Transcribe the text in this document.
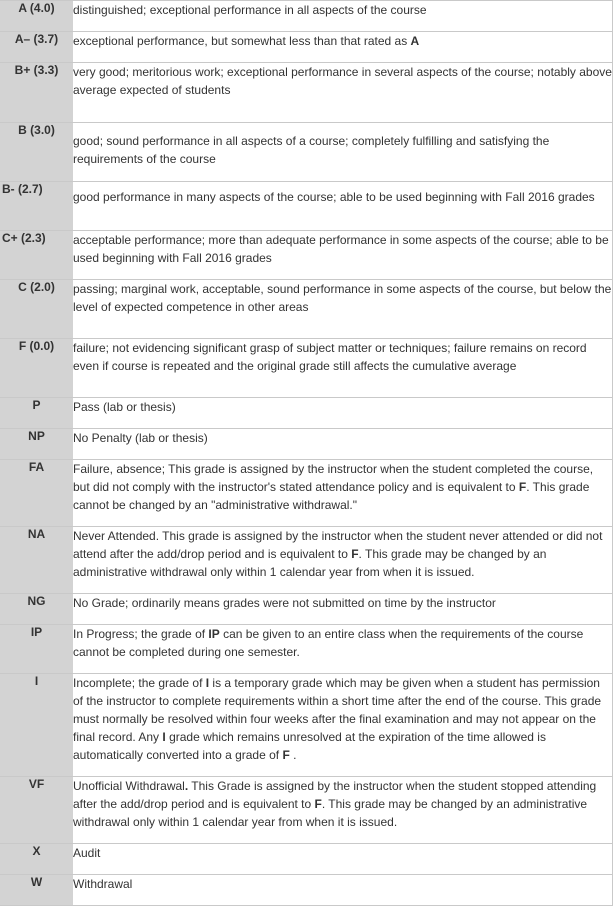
A (4.0)	distinguished; exceptional performance in all aspects of the course
A– (3.7)	exceptional performance, but somewhat less than that rated as A
B+ (3.3)	very good; meritorious work; exceptional performance in several aspects of the course; notably above average expected of students
B (3.0)	good; sound performance in all aspects of a course; completely fulfilling and satisfying the requirements of the course
B- (2.7)	good performance in many aspects of the course; able to be used beginning with Fall 2016 grades
C+ (2.3)	acceptable performance; more than adequate performance in some aspects of the course; able to be used beginning with Fall 2016 grades
C (2.0)	passing; marginal work, acceptable, sound performance in some aspects of the course, but below the level of expected competence in other areas
F (0.0)	failure; not evidencing significant grasp of subject matter or techniques; failure remains on record even if course is repeated and the original grade still affects the cumulative average
P	Pass (lab or thesis)
NP	No Penalty (lab or thesis)
FA	Failure, absence; This grade is assigned by the instructor when the student completed the course, but did not comply with the instructor's stated attendance policy and is equivalent to F. This grade cannot be changed by an "administrative withdrawal."
NA	Never Attended. This grade is assigned by the instructor when the student never attended or did not attend after the add/drop period and is equivalent to F. This grade may be changed by an administrative withdrawal only within 1 calendar year from when it is issued.
NG	No Grade; ordinarily means grades were not submitted on time by the instructor
IP	In Progress; the grade of IP can be given to an entire class when the requirements of the course cannot be completed during one semester.
I	Incomplete; the grade of I is a temporary grade which may be given when a student has permission of the instructor to complete requirements within a short time after the end of the course. This grade must normally be resolved within four weeks after the final examination and may not appear on the final record. Any I grade which remains unresolved at the expiration of the time allowed is automatically converted into a grade of F .
VF	Unofficial Withdrawal. This Grade is assigned by the instructor when the student stopped attending after the add/drop period and is equivalent to F. This grade may be changed by an administrative withdrawal only within 1 calendar year from when it is issued.
X	Audit
W	Withdrawal
